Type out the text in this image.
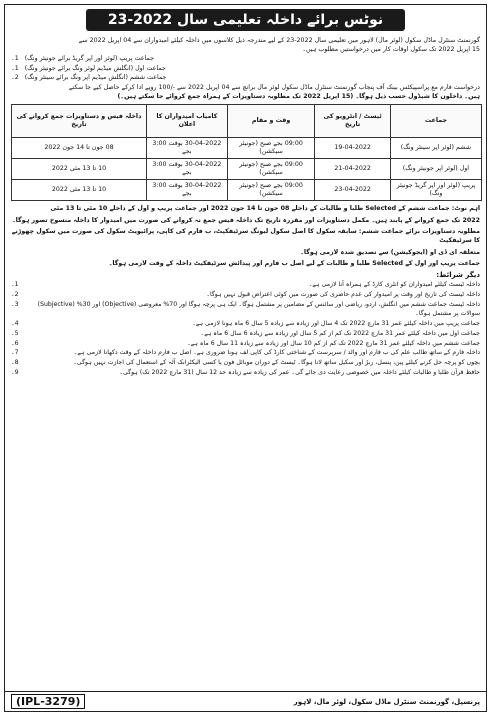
نوٹس برائے داخلہ تعلیمی سال 2022-23

گورنمنٹ سنٹرل ماڈل سکول (لوئر مال) لاہور میں تعلیمی سال 2022-23 کے لیے مندرجہ ذیل کلاسوں میں داخلہ کیلئے امیدواران سے 04 اپریل 2022 سے

15 اپریل 2022 تک سکول اوقات کار میں درخواستیں مطلوب ہیں۔

1۔ جماعت پریپ (لوئر اور اپر گریڈ برائے جونیئر ونگ)
1۔ جماعت اول (انگلش میڈیم لوئر ونگ برائے جونیئر ونگ)
2۔ جماعت ششم (انگلش میڈیم اپر ونگ برائے سینئر ونگ)

درخواست فارم مع پراسپیکٹس بینک آف پنجاب گورنمنٹ سنٹرل ماڈل سکول لوئر مال برانچ سے 04 اپریل 2022 سے -/100 روپے ادا کرکے حاصل کیے جا سکتے

ہیں۔ داخلوں کا شیڈول حسب ذیل ہوگا۔ (15 اپریل 2022 تک مطلوبہ دستاویزات کے ہمراہ جمع کروائے جا سکتے ہیں۔)

جماعت	ٹیسٹ / انٹرویو کی تاریخ	وقت و مقام	کامیاب امیدواران کا اعلان	داخلہ فیس و دستاویزات جمع کروانے کی تاریخ
ششم (لوئر اپر سینئر ونگ)	19-04-2022	09:00 بجے صبح (جونیئر سیکشن)	30-04-2022 بوقت 3:00 بجے	08 جون تا 14 جون 2022
اول (لوئر اپر جونیئر ونگ)	21-04-2022	09:00 بجے صبح (جونیئر سیکشن)	30-04-2022 بوقت 3:00 بجے	10 تا 13 مئی 2022
پریپ (لوئر اور اپر گریڈ جونیئر ونگ)	23-04-2022	09:00 بجے صبح (جونیئر سیکشن)	30-04-2022 بوقت 3:00 بجے	10 تا 13 مئی 2022

اہم نوٹ: جماعت ششم کے Selected طلبا و طالبات کے داخلے 08 جون تا 14 جون 2022 اور جماعت پریپ و اول کے داخلے 10 مئی تا 13 مئی

2022 تک جمع کروانے کے پابند ہیں۔ مکمل دستاویزات اور مقررہ تاریخ تک داخلہ فیس جمع نہ کروانے کی صورت میں امیدوار کا داخلہ منسوخ تصور ہوگا۔

مطلوبہ دستاویزات برائے جماعت ششم: سابقہ سکول کا اصل سکول لیونگ سرٹیفکیٹ، ب فارم کی کاپی، پرائیویٹ سکول کی صورت میں سکول چھوڑنے کا سرٹیفکیٹ

متعلقہ ای ڈی او (ایجوکیشن) سے تصدیق شدہ لازمی ہوگا۔

جماعت پریپ اور اول کے Selected طلبا و طالبات کے لیے اصل ب فارم اور پیدائش سرٹیفکیٹ داخلہ کے وقت لازمی ہوگا۔

دیگر شرائط:
1۔	داخلہ ٹیسٹ کیلئے امیدواران کو انٹری کارڈ کے ہمراہ آنا لازمی ہے۔
2۔	داخلہ ٹیسٹ کی تاریخ اور وقت پر امیدوار کی عدم حاضری کی صورت میں کوئی اعتراض قبول نہیں ہوگا۔
3۔	داخلہ ٹیسٹ جماعت ششم میں انگلش، اردو، ریاضی اور سائنس کے مضامین پر مشتمل ہوگا۔ ایک ہی پرچہ ہوگا اور 70% معروضی (Objective) اور 30% (Subjective) سوالات پر مشتمل ہوگا۔
4۔	جماعت پریپ میں داخلہ کیلئے عمر 31 مارچ 2022 تک 4 سال اور زیادہ سے زیادہ 5 سال 6 ماہ ہونا لازمی ہے۔
5۔	جماعت اول میں داخلہ کیلئے عمر 31 مارچ 2022 تک کم از کم 5 سال اور زیادہ سے زیادہ 6 سال 6 ماہ ہے۔
6۔	جماعت ششم میں داخلہ کیلئے عمر 31 مارچ 2022 تک کم از کم 10 سال اور زیادہ سے زیادہ 11 سال 6 ماہ ہے۔
7۔	داخلہ فارم کے ساتھ طالب علم کی ب فارم اور والد / سرپرست کے شناختی کارڈ کی کاپی لف ہونا ضروری ہے۔ اصل ب فارم داخلہ کے وقت دکھانا لازمی ہے۔
8۔	بچوں کو پرچہ حل کرنے کیلئے پین، پنسل، ربڑ اور سکیل ساتھ لانا ہوگا۔ ٹیسٹ کے دوران موبائل فون یا کسی الیکٹرانک آلہ کے استعمال کی اجازت نہیں ہوگی۔
9۔	حافظ قرآن طلبا و طالبات کیلئے داخلہ میں خصوصی رعایت دی جائے گی۔ عمر کی زیادہ سے زیادہ حد 12 سال (31 مارچ 2022 تک) ہوگی۔
(IPL-3279)	پرنسپل، گورنمنٹ سنٹرل ماڈل سکول، لوئر مال، لاہور
